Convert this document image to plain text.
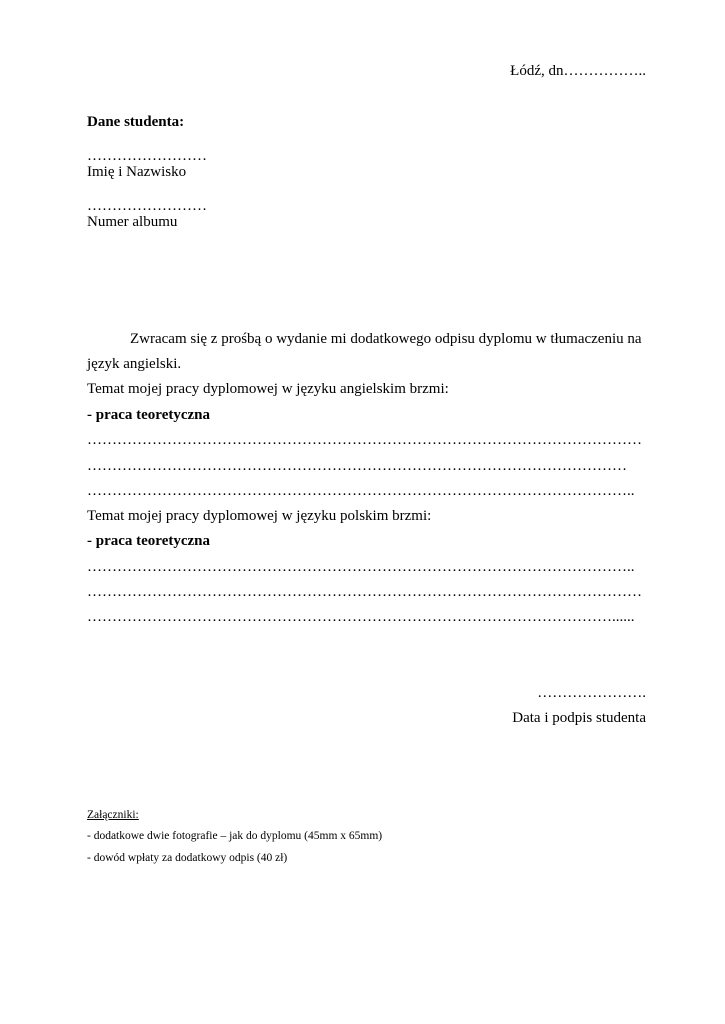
Łódź, dn……………..
Dane studenta:
……………………
Imię i Nazwisko
……………………
Numer albumu
Zwracam się z prośbą o wydanie mi dodatkowego odpisu dyplomu w tłumaczeniu na
język angielski.
Temat mojej pracy dyplomowej w języku angielskim brzmi:
- praca teoretyczna
…………………………………………………………………………………………………
………………………………………………………………………………………………
………………………………………………………………………………………………..
Temat mojej pracy dyplomowej w języku polskim brzmi:
- praca teoretyczna
………………………………………………………………………………………………..
…………………………………………………………………………………………………
……………………………………………………………………………………………......
………………….
Data i podpis studenta
Załączniki:
- dodatkowe dwie fotografie – jak do dyplomu (45mm x 65mm)
- dowód wpłaty za dodatkowy odpis (40 zł)
